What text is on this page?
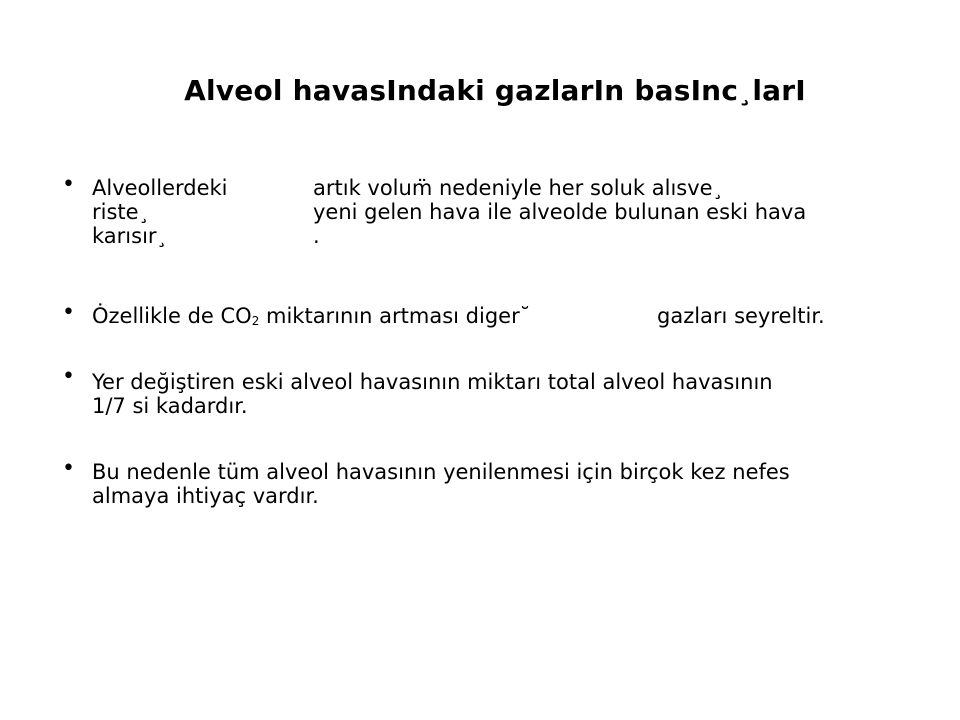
Alveol havasIndaki gazlarIn basInc¸larI
• Alveollerdeki
riste¸
karısır¸
artık volum̈ nedeniyle her soluk alısve¸
yeni gelen hava ile alveolde bulunan eski hava
.
• Ȯzellikle de $CO_2$ miktarının artması diger˘	gazları seyreltir.
• Yer değiştiren eski alveol havasının miktarı total alveol havasının
1/7 si kadardır.
• Bu nedenle tüm alveol havasının yenilenmesi için birçok kez nefes
almaya ihtiyaç vardır.
